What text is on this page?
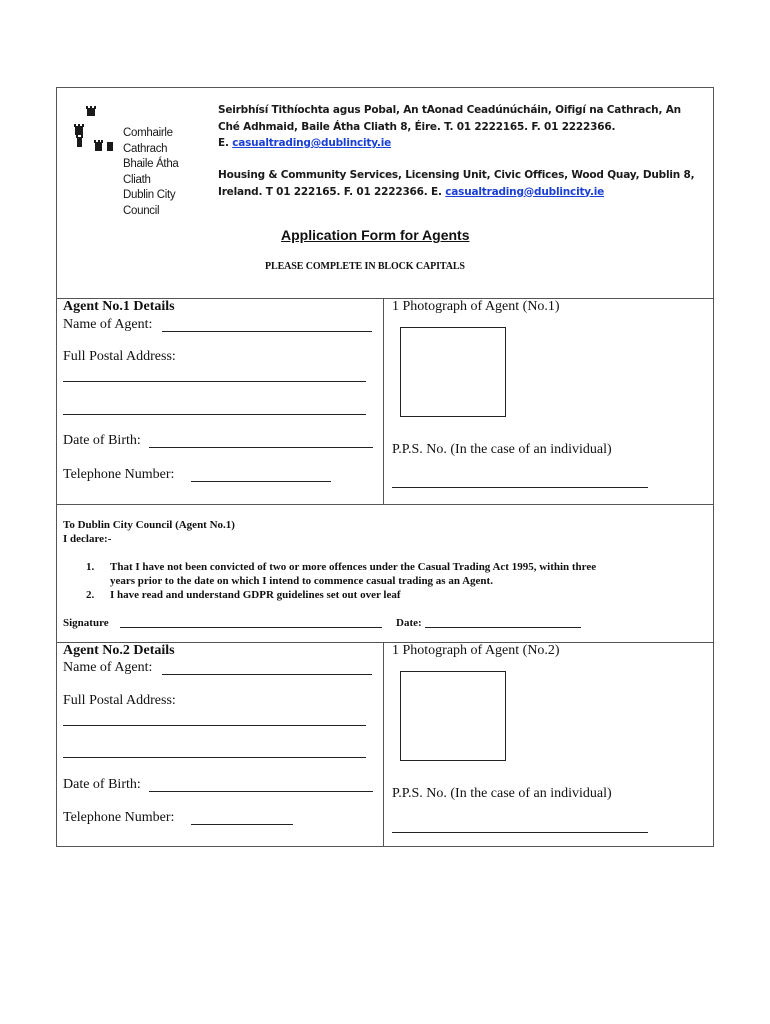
Comhairle Cathrach
Bhaile Átha Cliath
Dublin City Council
Seirbhísí Tithíochta agus Pobal, An tAonad Ceadúnúcháin, Oifigí na Cathrach, An
Ché Adhmaid, Baile Átha Cliath 8, Éire. T. 01 2222165. F. 01 2222366.
E. casualtrading@dublincity.ie
Housing & Community Services, Licensing Unit, Civic Offices, Wood Quay, Dublin 8,
Ireland. T 01 222165. F. 01 2222366. E. casualtrading@dublincity.ie
Application Form for Agents
PLEASE COMPLETE IN BLOCK CAPITALS
Agent No.1 Details
Name of Agent:
Full Postal Address:
Date of Birth:
Telephone Number:
1 Photograph of Agent (No.1)
P.P.S. No. (In the case of an individual)
To Dublin City Council (Agent No.1)
I declare:-
1. That I have not been convicted of two or more offences under the Casual Trading Act 1995, within three
years prior to the date on which I intend to commence casual trading as an Agent.
2. I have read and understand GDPR guidelines set out over leaf
Signature	Date:
Agent No.2 Details
Name of Agent:
Full Postal Address:
Date of Birth:
Telephone Number:
1 Photograph of Agent (No.2)
P.P.S. No. (In the case of an individual)
